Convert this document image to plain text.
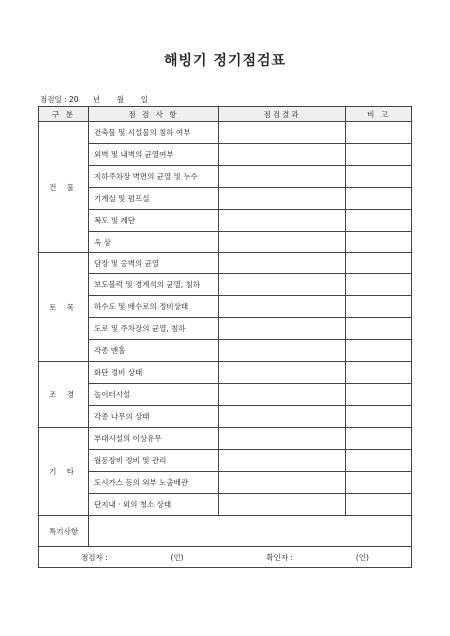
해빙기 정기점검표
점검일 : 20      년       월       일
구 분	점 검 사 항	점검결과	비 고
건 물	건축물 및 시설물의 침하 여부		
	외벽 및 내벽의 균열여부		
	지하주차장 벽면의 균열 및 누수		
	기계실 및 펌프실		
	복도 및 계단		
	옥 상		
토 목	담장 및 옹벽의 균열		
	보도블럭 및 경계석의 균열, 침하		
	하수도 및 배수로의 정비상태		
	도로 및 주차장의 균열, 침하		
	각종 맨홀		
조 경	화단 정비 상태		
	놀이터시설		
	각종 나무의 상태		
기 타	부대시설의 이상유무		
	월동장비 정비 및 관리		
	도시가스 등의 외부 노출배관		
	단지내 · 외의 청소 상태		
특기사항			
점검자 : (인) 확인자 : (인)			
